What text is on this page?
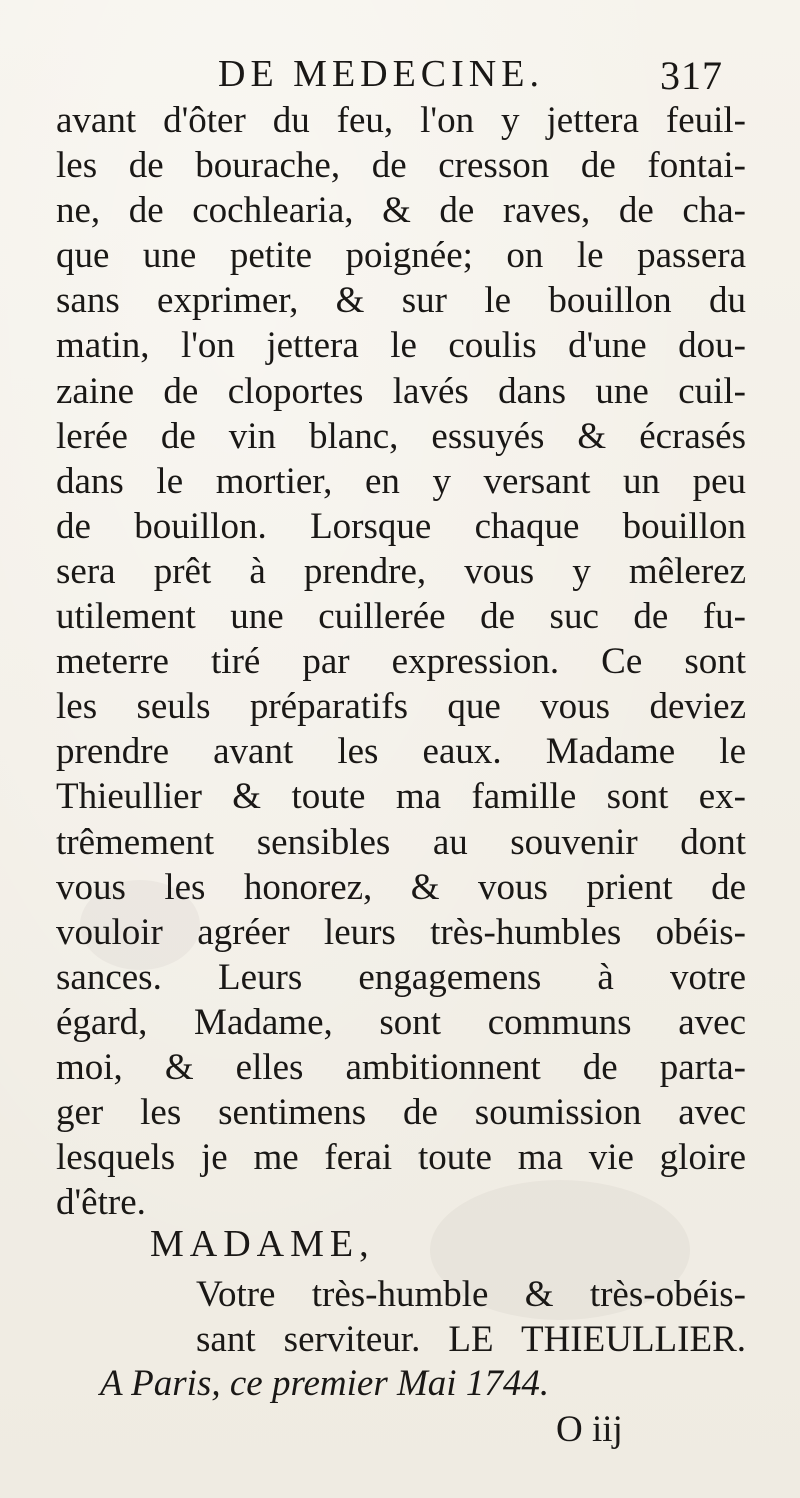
DE MEDECINE.	317
avant d'ôter du feu, l'on y jettera feuil-
les de bourache, de cresson de fontai-
ne, de cochlearia, & de raves, de cha-
que une petite poignée; on le passera
sans exprimer, & sur le bouillon du
matin, l'on jettera le coulis d'une dou-
zaine de cloportes lavés dans une cuil-
lerée de vin blanc, essuyés & écrasés
dans le mortier, en y versant un peu
de bouillon. Lorsque chaque bouillon
sera prêt à prendre, vous y mêlerez
utilement une cuillerée de suc de fu-
meterre tiré par expression. Ce sont
les seuls préparatifs que vous deviez
prendre avant les eaux. Madame le
Thieullier & toute ma famille sont ex-
trêmement sensibles au souvenir dont
vous les honorez, & vous prient de
vouloir agréer leurs très-humbles obéis-
sances. Leurs engagemens à votre
égard, Madame, sont communs avec
moi, & elles ambitionnent de parta-
ger les sentimens de soumission avec
lesquels je me ferai toute ma vie gloire
d'être.
MADAME,
Votre très-humble & très-obéis-
sant serviteur. LE THIEULLIER.
A Paris, ce premier Mai 1744.
O iij
